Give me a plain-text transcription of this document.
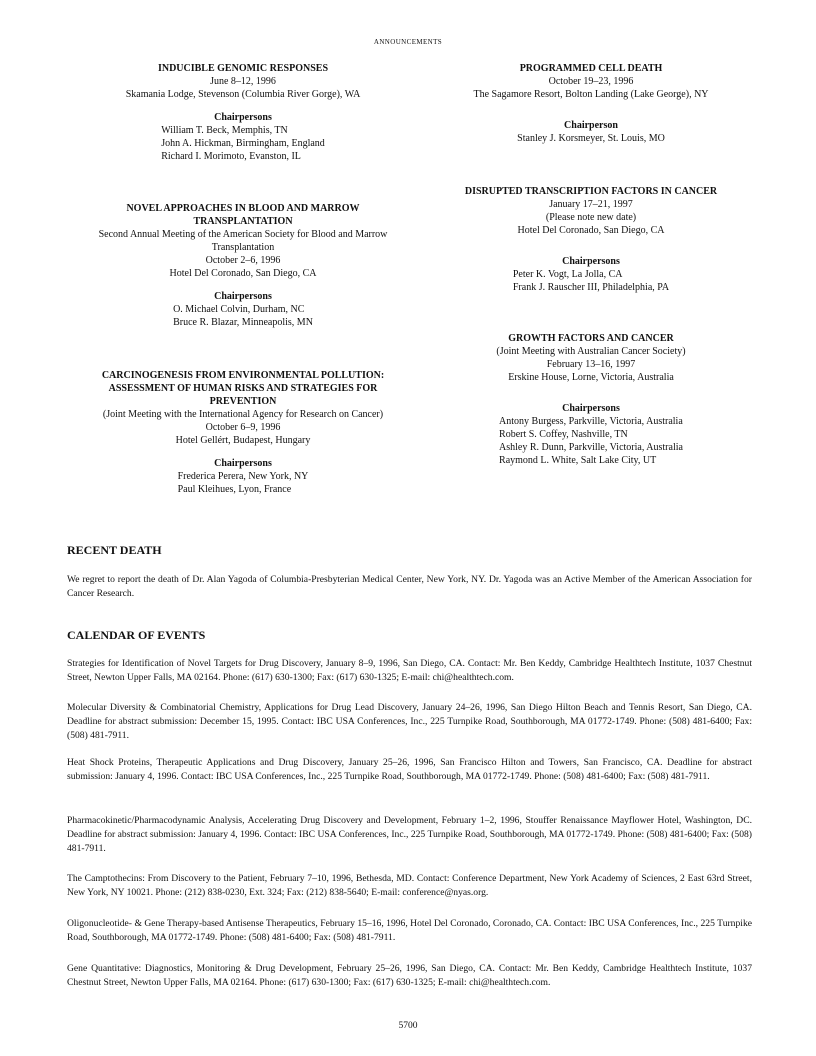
ANNOUNCEMENTS
INDUCIBLE GENOMIC RESPONSES
June 8–12, 1996
Skamania Lodge, Stevenson (Columbia River Gorge), WA
Chairpersons
William T. Beck, Memphis, TN
John A. Hickman, Birmingham, England
Richard I. Morimoto, Evanston, IL
NOVEL APPROACHES IN BLOOD AND MARROW
TRANSPLANTATION
Second Annual Meeting of the American Society for Blood and Marrow
Transplantation
October 2–6, 1996
Hotel Del Coronado, San Diego, CA
Chairpersons
O. Michael Colvin, Durham, NC
Bruce R. Blazar, Minneapolis, MN
CARCINOGENESIS FROM ENVIRONMENTAL POLLUTION:
ASSESSMENT OF HUMAN RISKS AND STRATEGIES FOR
PREVENTION
(Joint Meeting with the International Agency for Research on Cancer)
October 6–9, 1996
Hotel Gellért, Budapest, Hungary
Chairpersons
Frederica Perera, New York, NY
Paul Kleihues, Lyon, France
PROGRAMMED CELL DEATH
October 19–23, 1996
The Sagamore Resort, Bolton Landing (Lake George), NY
Chairperson
Stanley J. Korsmeyer, St. Louis, MO
DISRUPTED TRANSCRIPTION FACTORS IN CANCER
January 17–21, 1997
(Please note new date)
Hotel Del Coronado, San Diego, CA
Chairpersons
Peter K. Vogt, La Jolla, CA
Frank J. Rauscher III, Philadelphia, PA
GROWTH FACTORS AND CANCER
(Joint Meeting with Australian Cancer Society)
February 13–16, 1997
Erskine House, Lorne, Victoria, Australia
Chairpersons
Antony Burgess, Parkville, Victoria, Australia
Robert S. Coffey, Nashville, TN
Ashley R. Dunn, Parkville, Victoria, Australia
Raymond L. White, Salt Lake City, UT
RECENT DEATH
We regret to report the death of Dr. Alan Yagoda of Columbia-Presbyterian Medical Center, New York, NY. Dr. Yagoda was an Active Member of the American Association for Cancer Research.
CALENDAR OF EVENTS
Strategies for Identification of Novel Targets for Drug Discovery, January 8–9, 1996, San Diego, CA. Contact: Mr. Ben Keddy, Cambridge Healthtech Institute, 1037 Chestnut Street, Newton Upper Falls, MA 02164. Phone: (617) 630-1300; Fax: (617) 630-1325; E-mail: chi@healthtech.com.
Molecular Diversity & Combinatorial Chemistry, Applications for Drug Lead Discovery, January 24–26, 1996, San Diego Hilton Beach and Tennis Resort, San Diego, CA. Deadline for abstract submission: December 15, 1995. Contact: IBC USA Conferences, Inc., 225 Turnpike Road, Southborough, MA 01772-1749. Phone: (508) 481-6400; Fax: (508) 481-7911.
Heat Shock Proteins, Therapeutic Applications and Drug Discovery, January 25–26, 1996, San Francisco Hilton and Towers, San Francisco, CA. Deadline for abstract submission: January 4, 1996. Contact: IBC USA Conferences, Inc., 225 Turnpike Road, Southborough, MA 01772-1749. Phone: (508) 481-6400; Fax: (508) 481-7911.
Pharmacokinetic/Pharmacodynamic Analysis, Accelerating Drug Discovery and Development, February 1–2, 1996, Stouffer Renaissance Mayflower Hotel, Washington, DC. Deadline for abstract submission: January 4, 1996. Contact: IBC USA Conferences, Inc., 225 Turnpike Road, Southborough, MA 01772-1749. Phone: (508) 481-6400; Fax: (508) 481-7911.
The Camptothecins: From Discovery to the Patient, February 7–10, 1996, Bethesda, MD. Contact: Conference Department, New York Academy of Sciences, 2 East 63rd Street, New York, NY 10021. Phone: (212) 838-0230, Ext. 324; Fax: (212) 838-5640; E-mail: conference@nyas.org.
Oligonucleotide- & Gene Therapy-based Antisense Therapeutics, February 15–16, 1996, Hotel Del Coronado, Coronado, CA. Contact: IBC USA Conferences, Inc., 225 Turnpike Road, Southborough, MA 01772-1749. Phone: (508) 481-6400; Fax: (508) 481-7911.
Gene Quantitative: Diagnostics, Monitoring & Drug Development, February 25–26, 1996, San Diego, CA. Contact: Mr. Ben Keddy, Cambridge Healthtech Institute, 1037 Chestnut Street, Newton Upper Falls, MA 02164. Phone: (617) 630-1300; Fax: (617) 630-1325; E-mail: chi@healthtech.com.
5700
